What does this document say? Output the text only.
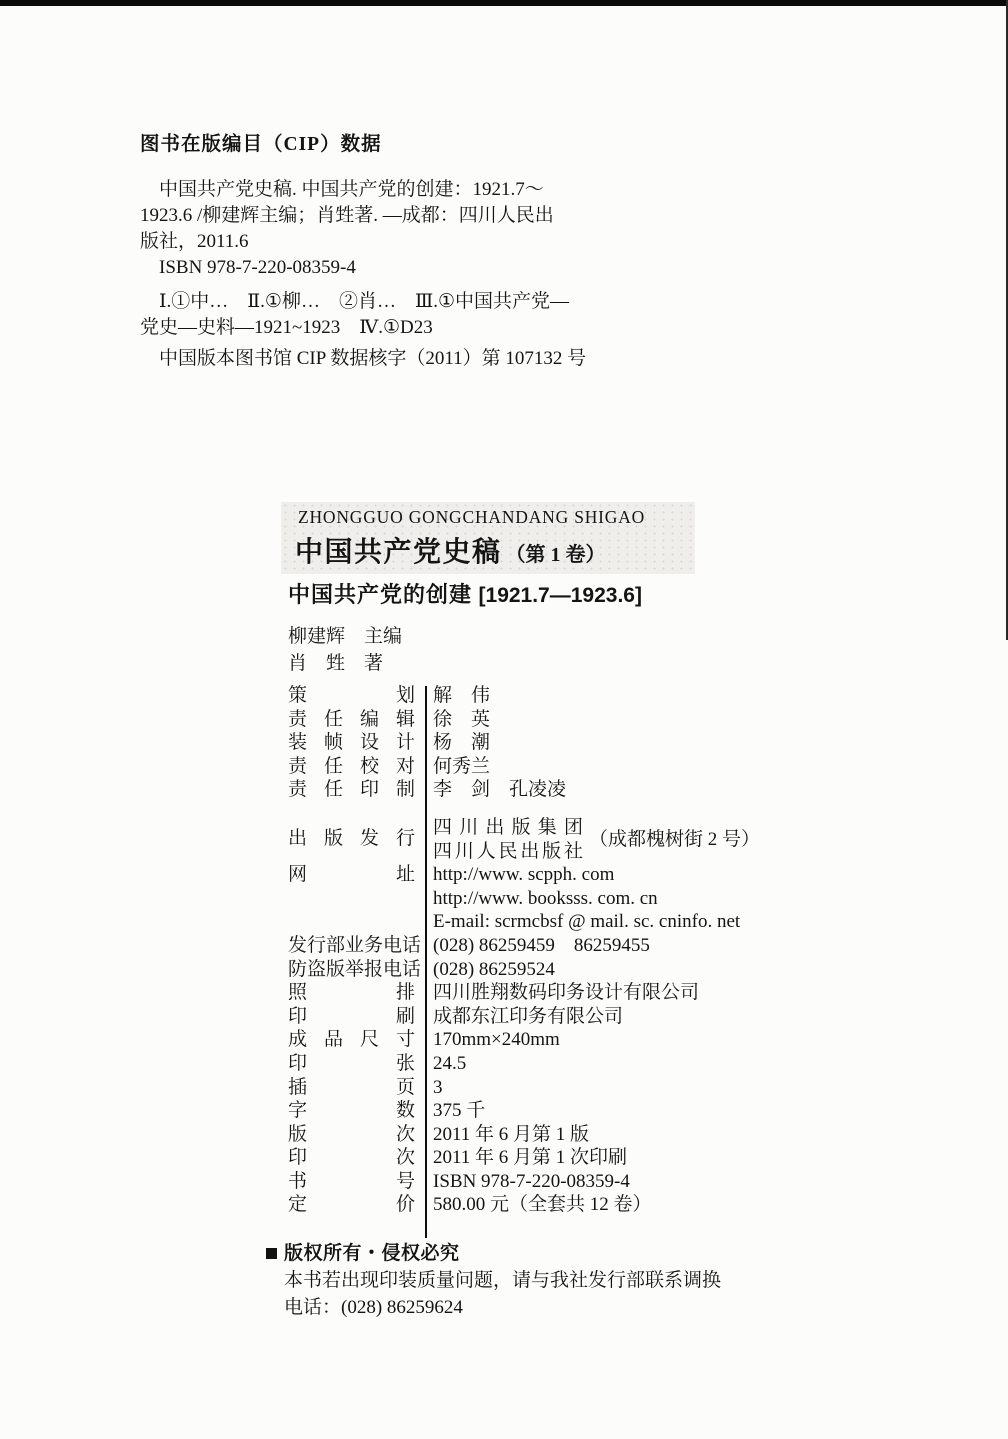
图书在版编目（CIP）数据
　中国共产党史稿. 中国共产党的创建：1921.7～
1923.6 /柳建辉主编；肖甡著. —成都：四川人民出
版社，2011.6
　ISBN 978-7-220-08359-4
　Ⅰ.①中…　Ⅱ.①柳…　②肖…　Ⅲ.①中国共产党—
党史—史料—1921~1923　Ⅳ.①D23
　中国版本图书馆 CIP 数据核字（2011）第 107132 号
ZHONGGUO GONGCHANDANG SHIGAO
中国共产党史稿 （第 1 卷）
中国共产党的创建 [1921.7—1923.6]
柳建辉　主编
肖　甡　著
策　划 解　伟
责任编辑 徐　英
装帧设计 杨　潮
责任校对 何秀兰
责任印制 李　剑　孔凌凌
出版发行
四川出版集团
四川人民出版社
（成都槐树街 2 号）
网　址 http://www. scpph. com
http://www. booksss. com. cn
E-mail: scrmcbsf @ mail. sc. cninfo. net
发行部业务电话 (028) 86259459　86259455
防盗版举报电话 (028) 86259524
照　排 四川胜翔数码印务设计有限公司
印　刷 成都东江印务有限公司
成品尺寸 170mm×240mm
印　张 24.5
插　页 3
字　数 375 千
版　次 2011 年 6 月第 1 版
印　次 2011 年 6 月第 1 次印刷
书　号 ISBN 978-7-220-08359-4
定　价 580.00 元（全套共 12 卷）
版权所有・侵权必究
本书若出现印装质量问题，请与我社发行部联系调换
电话：(028) 86259624
